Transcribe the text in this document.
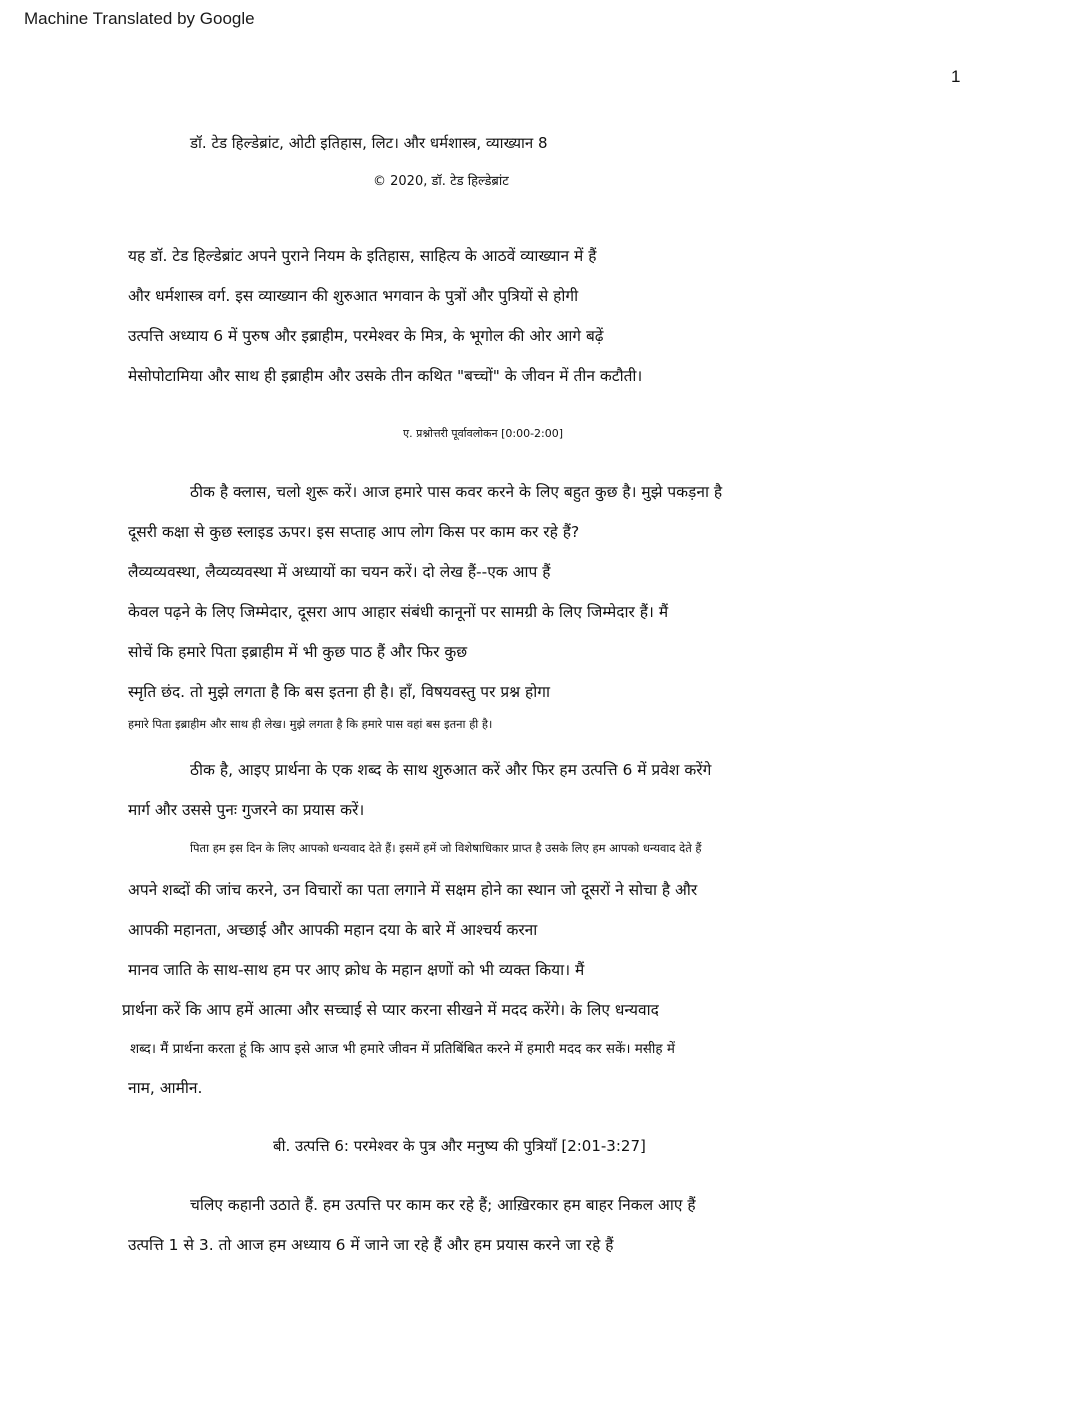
Machine Translated by Google
1
डॉ. टेड हिल्डेब्रांट, ओटी इतिहास, लिट। और धर्मशास्त्र, व्याख्यान 8
© 2020, डॉ. टेड हिल्डेब्रांट
यह डॉ. टेड हिल्डेब्रांट अपने पुराने नियम के इतिहास, साहित्य के आठवें व्याख्यान में हैं
और धर्मशास्त्र वर्ग. इस व्याख्यान की शुरुआत भगवान के पुत्रों और पुत्रियों से होगी
उत्पत्ति अध्याय 6 में पुरुष और इब्राहीम, परमेश्वर के मित्र, के भूगोल की ओर आगे बढ़ें
मेसोपोटामिया और साथ ही इब्राहीम और उसके तीन कथित "बच्चों" के जीवन में तीन कटौती।
ए. प्रश्नोत्तरी पूर्वावलोकन [0:00-2:00]
ठीक है क्लास, चलो शुरू करें। आज हमारे पास कवर करने के लिए बहुत कुछ है। मुझे पकड़ना है
दूसरी कक्षा से कुछ स्लाइड ऊपर। इस सप्ताह आप लोग किस पर काम कर रहे हैं?
लैव्यव्यवस्था, लैव्यव्यवस्था में अध्यायों का चयन करें। दो लेख हैं--एक आप हैं
केवल पढ़ने के लिए जिम्मेदार, दूसरा आप आहार संबंधी कानूनों पर सामग्री के लिए जिम्मेदार हैं। मैं
सोचें कि हमारे पिता इब्राहीम में भी कुछ पाठ हैं और फिर कुछ
स्मृति छंद. तो मुझे लगता है कि बस इतना ही है। हाँ, विषयवस्तु पर प्रश्न होगा
हमारे पिता इब्राहीम और साथ ही लेख। मुझे लगता है कि हमारे पास वहां बस इतना ही है।
ठीक है, आइए प्रार्थना के एक शब्द के साथ शुरुआत करें और फिर हम उत्पत्ति 6 में प्रवेश करेंगे
मार्ग और उससे पुनः गुजरने का प्रयास करें।
पिता हम इस दिन के लिए आपको धन्यवाद देते हैं। इसमें हमें जो विशेषाधिकार प्राप्त है उसके लिए हम आपको धन्यवाद देते हैं
अपने शब्दों की जांच करने, उन विचारों का पता लगाने में सक्षम होने का स्थान जो दूसरों ने सोचा है और
आपकी महानता, अच्छाई और आपकी महान दया के बारे में आश्चर्य करना
मानव जाति के साथ-साथ हम पर आए क्रोध के महान क्षणों को भी व्यक्त किया। मैं
प्रार्थना करें कि आप हमें आत्मा और सच्चाई से प्यार करना सीखने में मदद करेंगे। के लिए धन्यवाद
शब्द। मैं प्रार्थना करता हूं कि आप इसे आज भी हमारे जीवन में प्रतिबिंबित करने में हमारी मदद कर सकें। मसीह में
नाम, आमीन.
बी. उत्पत्ति 6: परमेश्वर के पुत्र और मनुष्य की पुत्रियाँ [2:01-3:27]
चलिए कहानी उठाते हैं. हम उत्पत्ति पर काम कर रहे हैं; आख़िरकार हम बाहर निकल आए हैं
उत्पत्ति 1 से 3. तो आज हम अध्याय 6 में जाने जा रहे हैं और हम प्रयास करने जा रहे हैं
